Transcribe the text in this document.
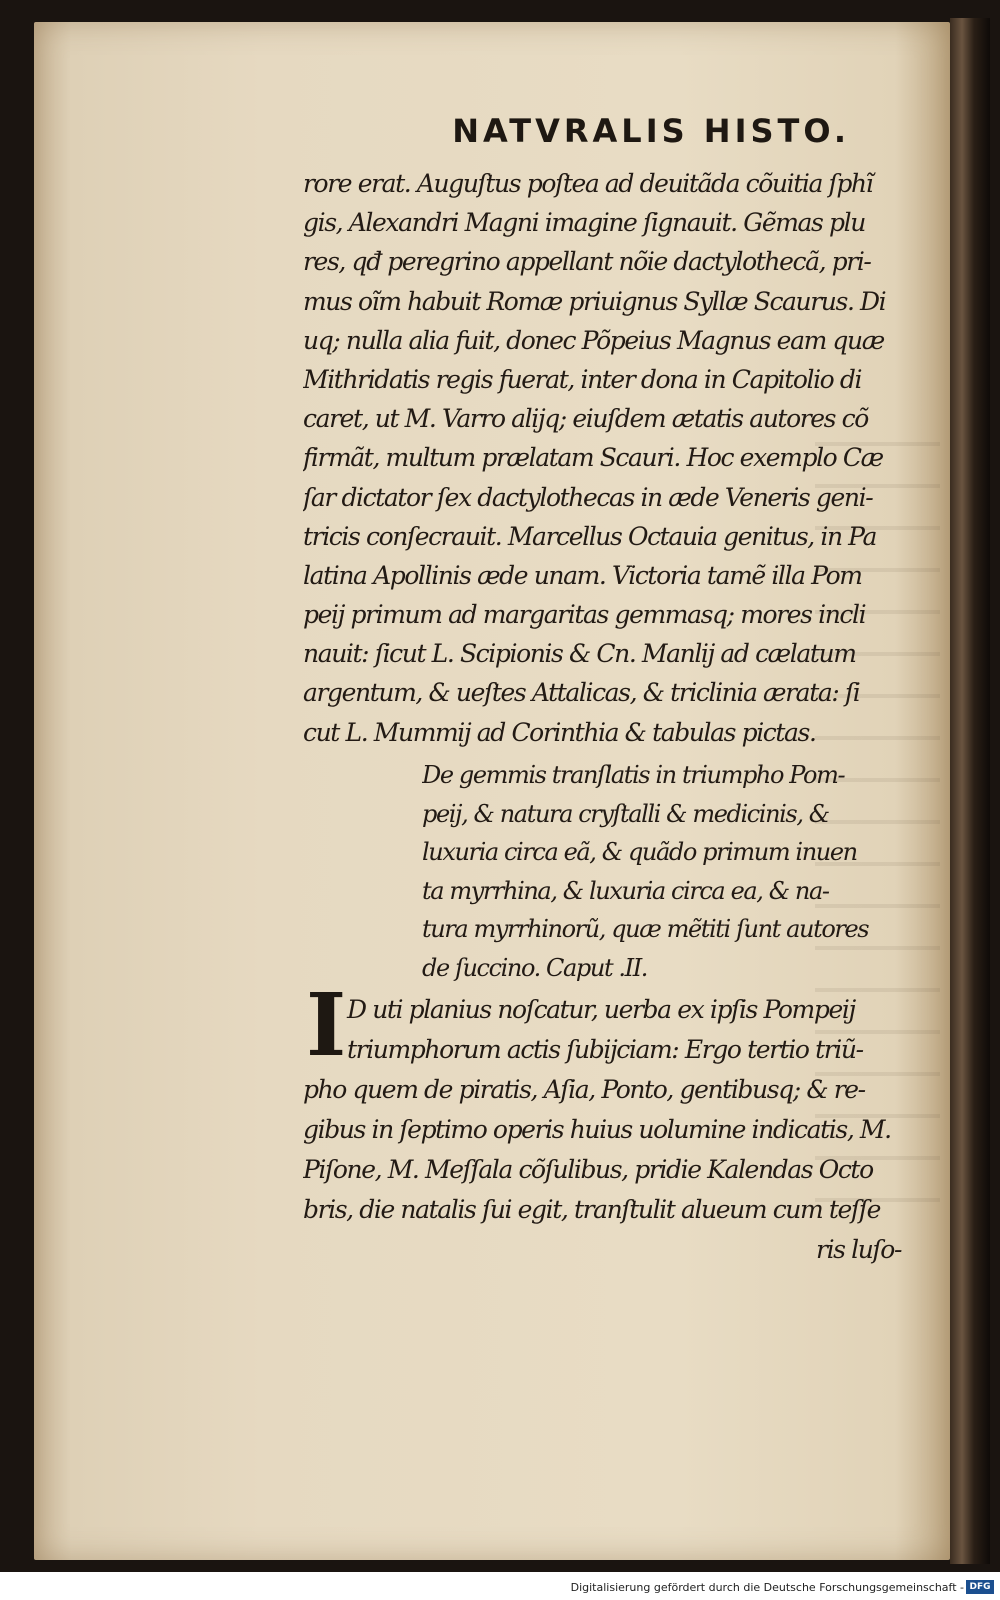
NATVRALIS HISTO.
rore erat. Auguſtus poſtea ad deuitãda cõuitia ſphĩ
gis, Alexandri Magni imagine ſignauit. Gẽmas plu
res, qđ peregrino appellant nõie dactylothecã, pri-
mus oĩm habuit Romæ priuignus Syllæ Scaurus. Di
uq; nulla alia fuit, donec Põpeius Magnus eam quæ
Mithridatis regis fuerat, inter dona in Capitolio di
caret, ut M. Varro alijq; eiuſdem ætatis autores cõ
firmãt, multum prælatam Scauri. Hoc exemplo Cæ
ſar dictator ſex dactylothecas in æde Veneris geni-
tricis conſecrauit. Marcellus Octauia genitus, in Pa
latina Apollinis æde unam. Victoria tamẽ illa Pom
peij primum ad margaritas gemmasq; mores incli
nauit: ſicut L. Scipionis & Cn. Manlij ad cælatum
argentum, & ueſtes Attalicas, & triclinia ærata: ſi
cut L. Mummij ad Corinthia & tabulas pictas.
De gemmis tranſlatis in triumpho Pom-
peij, & natura cryſtalli & medicinis, &
luxuria circa eã, & quãdo primum inuen
ta myrrhina, & luxuria circa ea, & na-
tura myrrhinorũ, quæ mẽtiti ſunt autores
de ſuccino. Caput .II.
I D uti planius noſcatur, uerba ex ipſis Pompeij
triumphorum actis ſubijciam: Ergo tertio triũ-
pho quem de piratis, Aſia, Ponto, gentibusq; & re-
gibus in ſeptimo operis huius uolumine indicatis, M.
Piſone, M. Meſſala cõſulibus, pridie Kalendas Octo
bris, die natalis ſui egit, tranſtulit alueum cum teſſe
ris luſo-
Digitalisierung gefördert durch die Deutsche Forschungsgemeinschaft - DFG
